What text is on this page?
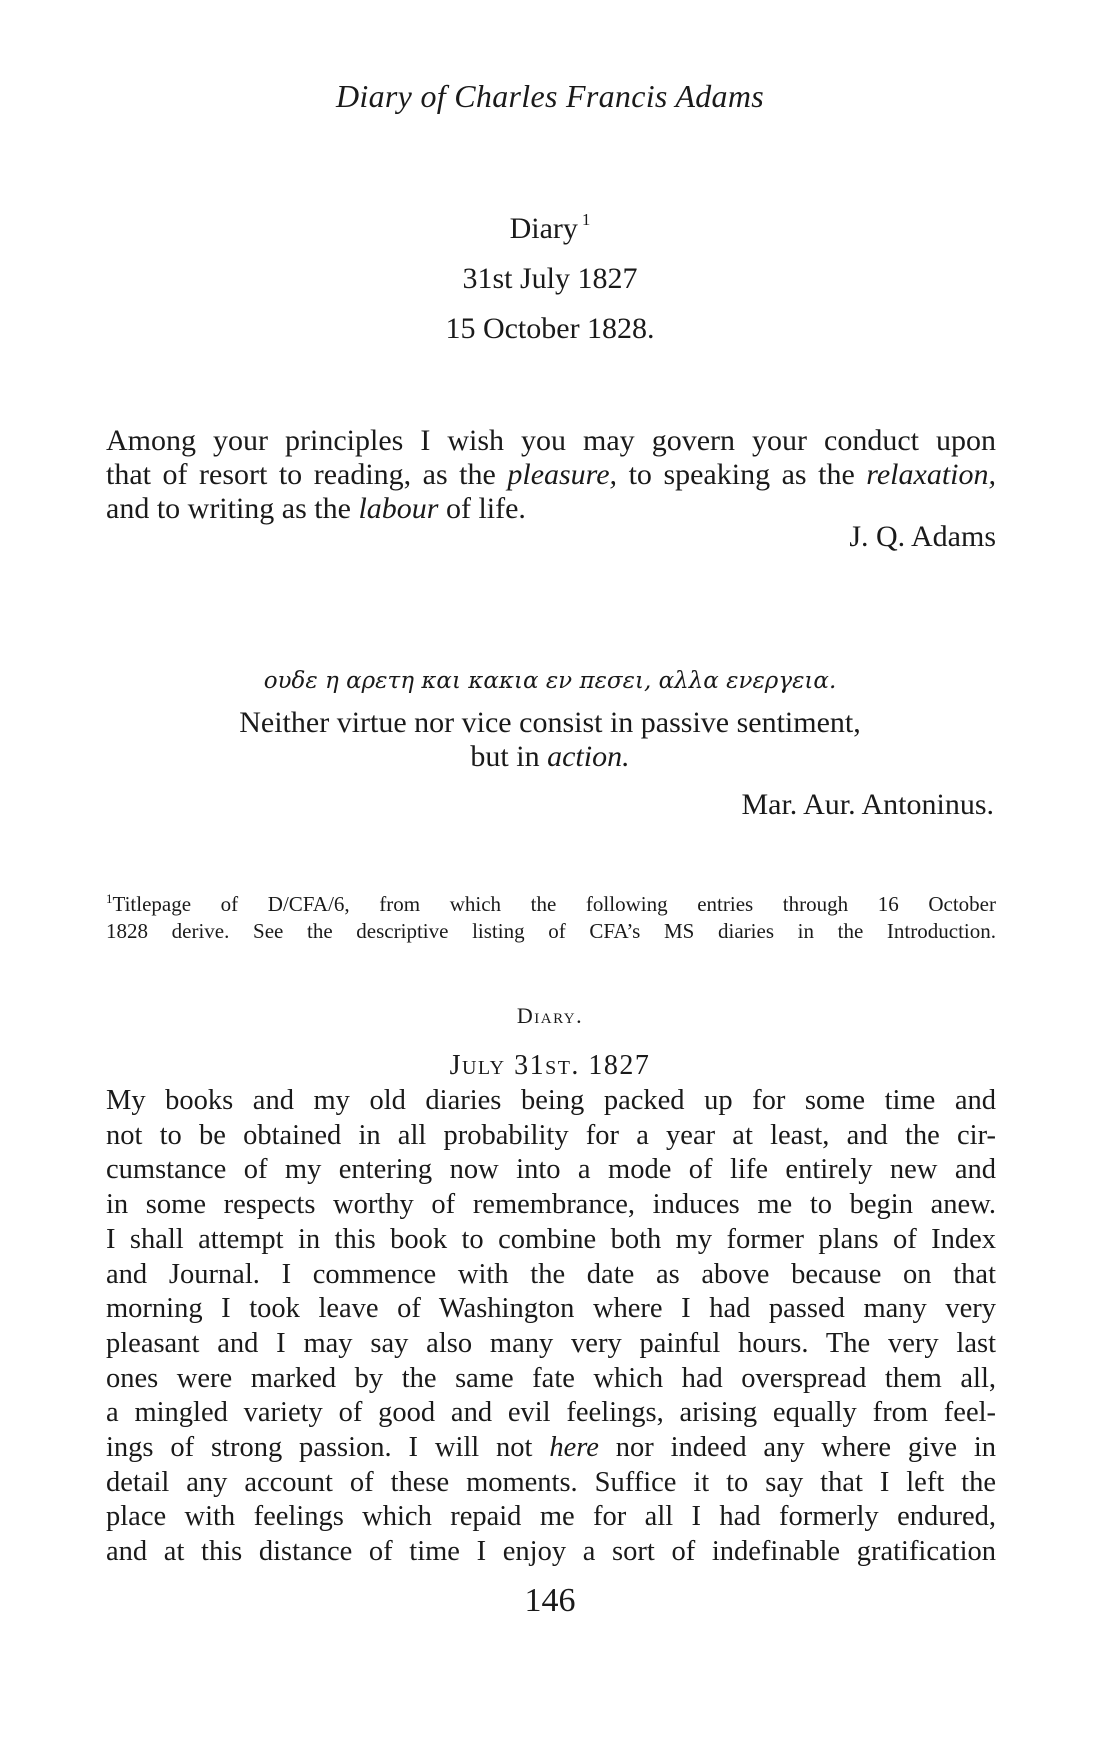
Diary of Charles Francis Adams
Diary $^1$
31st July 1827
15 October 1828.
Among your principles I wish you may govern your conduct upon
that of resort to reading, as the pleasure, to speaking as the relaxation,
and to writing as the labour of life.
J. Q. Adams
ουδε η αρετη και κακια εν πεσει, αλλα ενεργεια.
Neither virtue nor vice consist in passive sentiment,
but in action.
Mar. Aur. Antoninus.
$^1$Titlepage of D/CFA/6, from which the following entries through 16 October
1828 derive. See the descriptive listing of CFA’s MS diaries in the Introduction.
Diary.
July 31st. 1827
My books and my old diaries being packed up for some time and
not to be obtained in all probability for a year at least, and the cir-
cumstance of my entering now into a mode of life entirely new and
in some respects worthy of remembrance, induces me to begin anew.
I shall attempt in this book to combine both my former plans of Index
and Journal. I commence with the date as above because on that
morning I took leave of Washington where I had passed many very
pleasant and I may say also many very painful hours. The very last
ones were marked by the same fate which had overspread them all,
a mingled variety of good and evil feelings, arising equally from feel-
ings of strong passion. I will not here nor indeed any where give in
detail any account of these moments. Suffice it to say that I left the
place with feelings which repaid me for all I had formerly endured,
and at this distance of time I enjoy a sort of indefinable gratification
146
